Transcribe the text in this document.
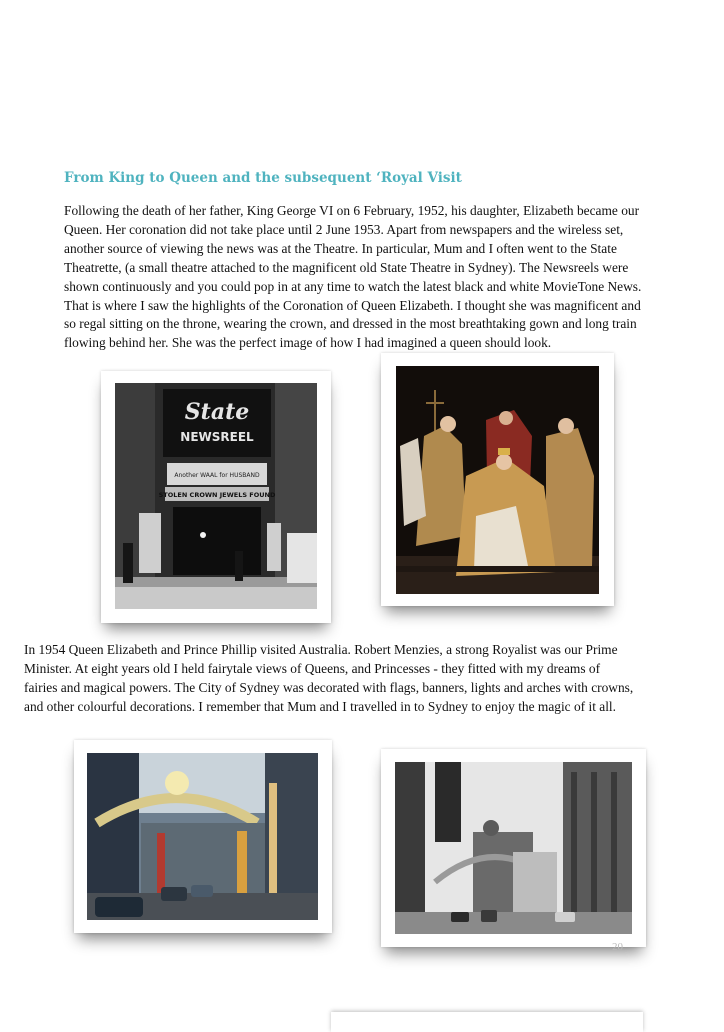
From King to Queen and the subsequent ‘Royal Visit

Following the death of her father, King George VI on 6 February, 1952, his daughter, Elizabeth became our
Queen. Her coronation did not take place until 2 June 1953. Apart from newspapers and the wireless set,
another source of viewing the news was at the Theatre. In particular, Mum and I often went to the State
Theatrette, (a small theatre attached to the magnificent old State Theatre in Sydney). The Newsreels were
shown continuously and you could pop in at any time to watch the latest black and white MovieTone News.
That is where I saw the highlights of the Coronation of Queen Elizabeth. I thought she was magnificent and
so regal sitting on the throne, wearing the crown, and dressed in the most breathtaking gown and long train
flowing behind her. She was the perfect image of how I had imagined a queen should look.

State
NEWSREEL
Another WAAL for HUSBAND
STOLEN CROWN JEWELS FOUND

In 1954 Queen Elizabeth and Prince Phillip visited Australia. Robert Menzies, a strong Royalist was our Prime
Minister. At eight years old I held fairytale views of Queens, and Princesses - they fitted with my dreams of
fairies and magical powers. The City of Sydney was decorated with flags, banners, lights and arches with crowns,
and other colourful decorations. I remember that Mum and I travelled in to Sydney to enjoy the magic of it all.

20
